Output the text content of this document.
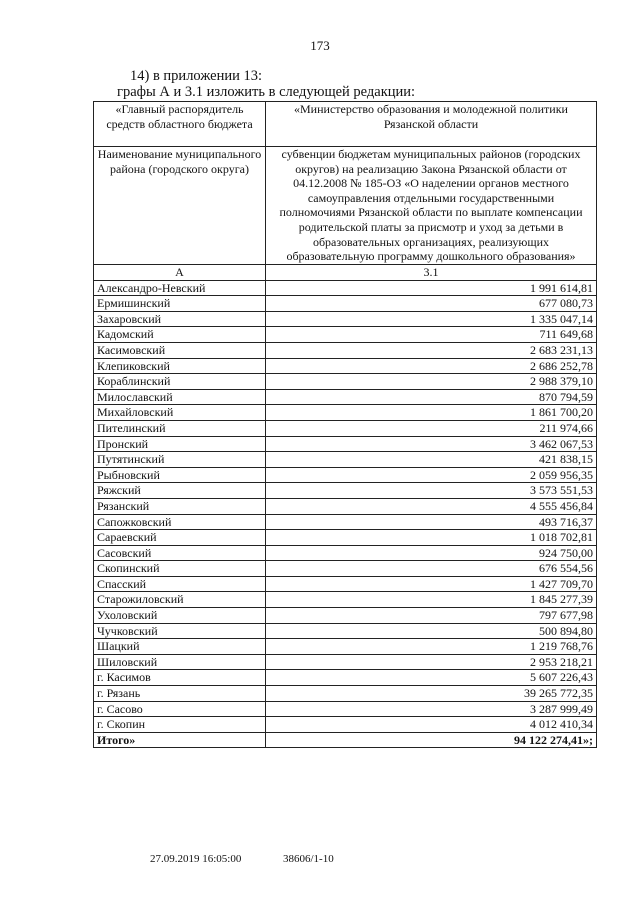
173
14) в приложении 13:
графы А и 3.1 изложить в следующей редакции:
«Главный распорядитель средств областного бюджета	«Министерство образования и молодежной политики Рязанской области
Наименование муниципального района (городского округа)	субвенции бюджетам муниципальных районов (городских округов) на реализацию Закона Рязанской области от 04.12.2008 № 185-ОЗ «О наделении органов местного самоуправления отдельными государственными полномочиями Рязанской области по выплате компенсации родительской платы за присмотр и уход за детьми в образовательных организациях, реализующих образовательную программу дошкольного образования»
А	3.1
Александро-Невский	1 991 614,81
Ермишинский	677 080,73
Захаровский	1 335 047,14
Кадомский	711 649,68
Касимовский	2 683 231,13
Клепиковский	2 686 252,78
Кораблинский	2 988 379,10
Милославский	870 794,59
Михайловский	1 861 700,20
Пителинский	211 974,66
Пронский	3 462 067,53
Путятинский	421 838,15
Рыбновский	2 059 956,35
Ряжский	3 573 551,53
Рязанский	4 555 456,84
Сапожковский	493 716,37
Сараевский	1 018 702,81
Сасовский	924 750,00
Скопинский	676 554,56
Спасский	1 427 709,70
Старожиловский	1 845 277,39
Ухоловский	797 677,98
Чучковский	500 894,80
Шацкий	1 219 768,76
Шиловский	2 953 218,21
г. Касимов	5 607 226,43
г. Рязань	39 265 772,35
г. Сасово	3 287 999,49
г. Скопин	4 012 410,34
Итого»	94 122 274,41»;
27.09.2019 16:05:00	38606/1-10
